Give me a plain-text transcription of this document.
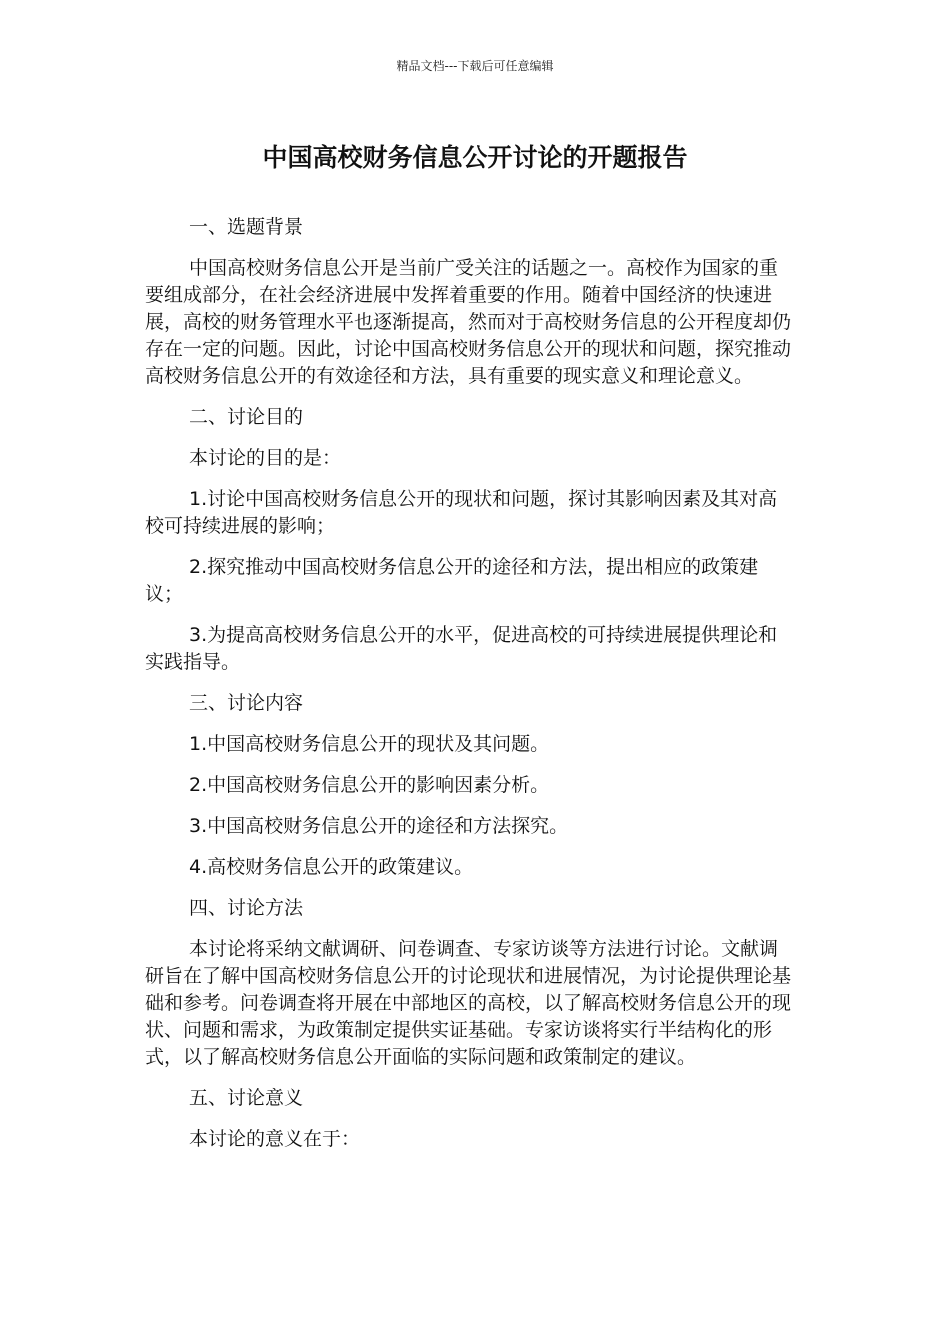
精品文档---下载后可任意编辑
中国高校财务信息公开讨论的开题报告

一、选题背景

中国高校财务信息公开是当前广受关注的话题之一。高校作为国家的重要组成部分，在社会经济进展中发挥着重要的作用。随着中国经济的快速进展，高校的财务管理水平也逐渐提高，然而对于高校财务信息的公开程度却仍存在一定的问题。因此，讨论中国高校财务信息公开的现状和问题，探究推动高校财务信息公开的有效途径和方法，具有重要的现实意义和理论意义。

二、讨论目的

本讨论的目的是：

1.讨论中国高校财务信息公开的现状和问题，探讨其影响因素及其对高校可持续进展的影响；

2.探究推动中国高校财务信息公开的途径和方法，提出相应的政策建议；

3.为提高高校财务信息公开的水平，促进高校的可持续进展提供理论和实践指导。

三、讨论内容

1.中国高校财务信息公开的现状及其问题。

2.中国高校财务信息公开的影响因素分析。

3.中国高校财务信息公开的途径和方法探究。

4.高校财务信息公开的政策建议。

四、讨论方法

本讨论将采纳文献调研、问卷调查、专家访谈等方法进行讨论。文献调研旨在了解中国高校财务信息公开的讨论现状和进展情况，为讨论提供理论基础和参考。问卷调查将开展在中部地区的高校，以了解高校财务信息公开的现状、问题和需求，为政策制定提供实证基础。专家访谈将实行半结构化的形式，以了解高校财务信息公开面临的实际问题和政策制定的建议。

五、讨论意义

本讨论的意义在于：
